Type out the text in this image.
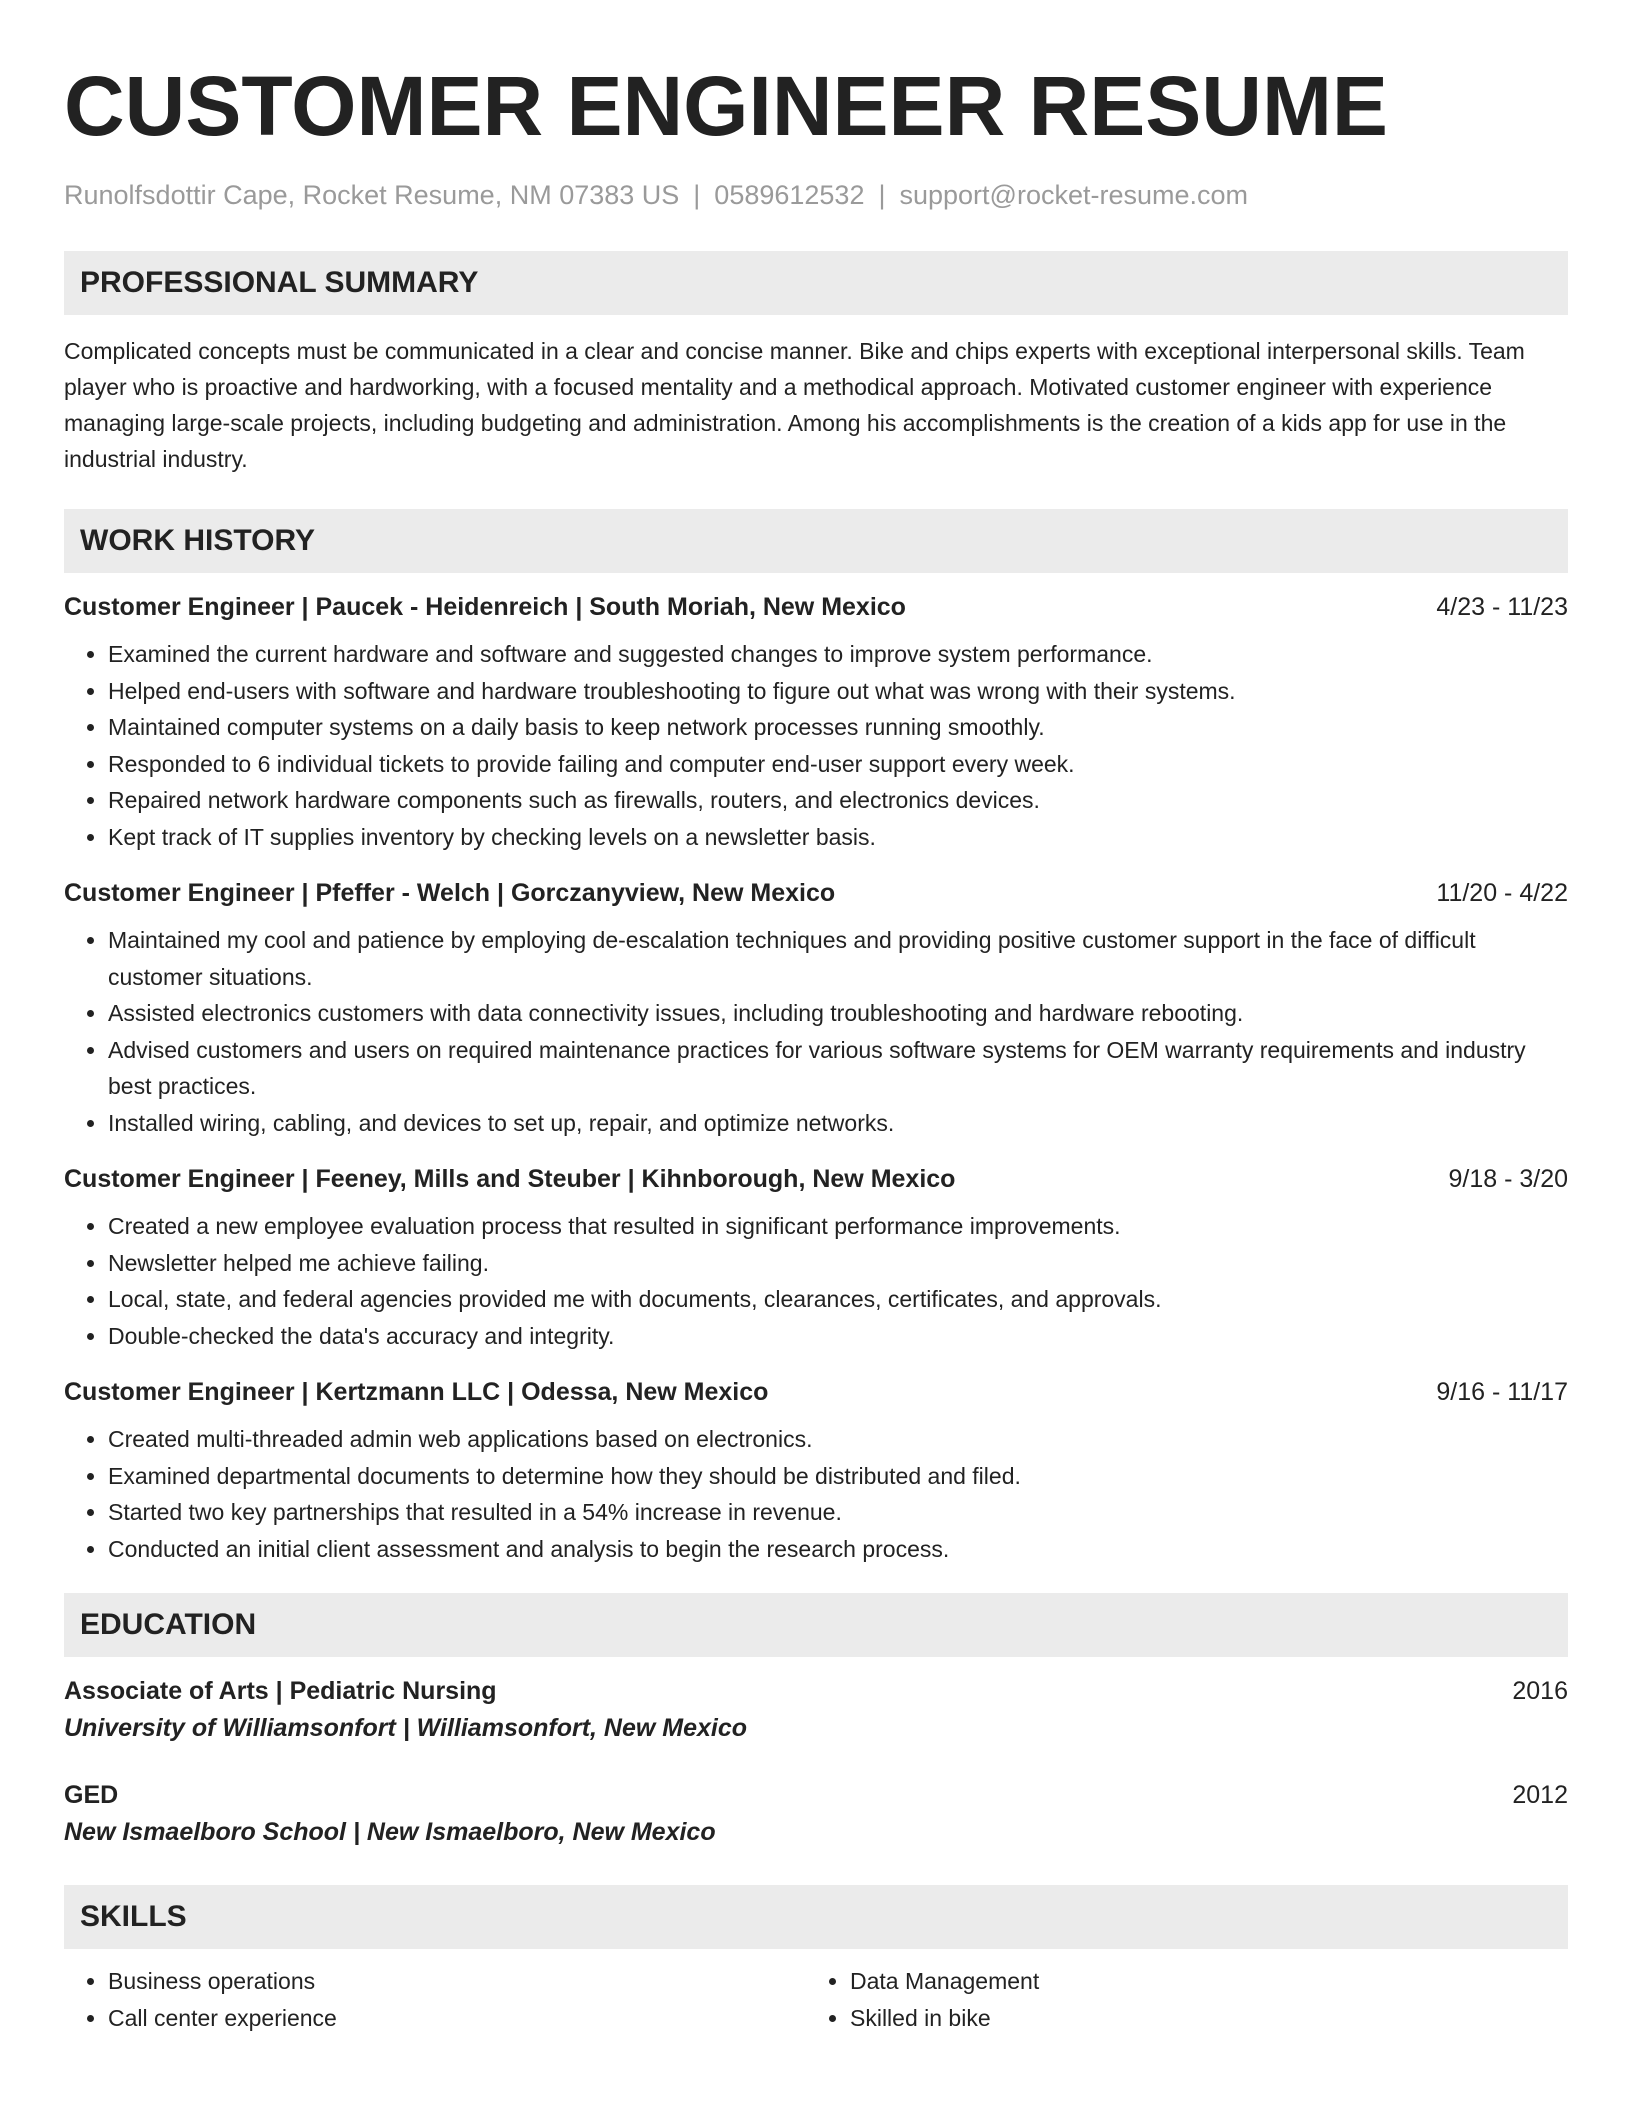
CUSTOMER ENGINEER RESUME
Runolfsdottir Cape, Rocket Resume, NM 07383 US | 0589612532 | support@rocket-resume.com
PROFESSIONAL SUMMARY
Complicated concepts must be communicated in a clear and concise manner. Bike and chips experts with exceptional interpersonal skills. Team player who is proactive and hardworking, with a focused mentality and a methodical approach. Motivated customer engineer with experience managing large-scale projects, including budgeting and administration. Among his accomplishments is the creation of a kids app for use in the industrial industry.
WORK HISTORY
Customer Engineer | Paucek - Heidenreich | South Moriah, New Mexico	4/23 - 11/23
• Examined the current hardware and software and suggested changes to improve system performance.
• Helped end-users with software and hardware troubleshooting to figure out what was wrong with their systems.
• Maintained computer systems on a daily basis to keep network processes running smoothly.
• Responded to 6 individual tickets to provide failing and computer end-user support every week.
• Repaired network hardware components such as firewalls, routers, and electronics devices.
• Kept track of IT supplies inventory by checking levels on a newsletter basis.
Customer Engineer | Pfeffer - Welch | Gorczanyview, New Mexico	11/20 - 4/22
• Maintained my cool and patience by employing de-escalation techniques and providing positive customer support in the face of difficult customer situations.
• Assisted electronics customers with data connectivity issues, including troubleshooting and hardware rebooting.
• Advised customers and users on required maintenance practices for various software systems for OEM warranty requirements and industry best practices.
• Installed wiring, cabling, and devices to set up, repair, and optimize networks.
Customer Engineer | Feeney, Mills and Steuber | Kihnborough, New Mexico	9/18 - 3/20
• Created a new employee evaluation process that resulted in significant performance improvements.
• Newsletter helped me achieve failing.
• Local, state, and federal agencies provided me with documents, clearances, certificates, and approvals.
• Double-checked the data's accuracy and integrity.
Customer Engineer | Kertzmann LLC | Odessa, New Mexico	9/16 - 11/17
• Created multi-threaded admin web applications based on electronics.
• Examined departmental documents to determine how they should be distributed and filed.
• Started two key partnerships that resulted in a 54% increase in revenue.
• Conducted an initial client assessment and analysis to begin the research process.
EDUCATION
Associate of Arts | Pediatric Nursing	2016
University of Williamsonfort | Williamsonfort, New Mexico
GED	2012
New Ismaelboro School | New Ismaelboro, New Mexico
SKILLS
• Business operations
• Call center experience
• Data Management
• Skilled in bike
